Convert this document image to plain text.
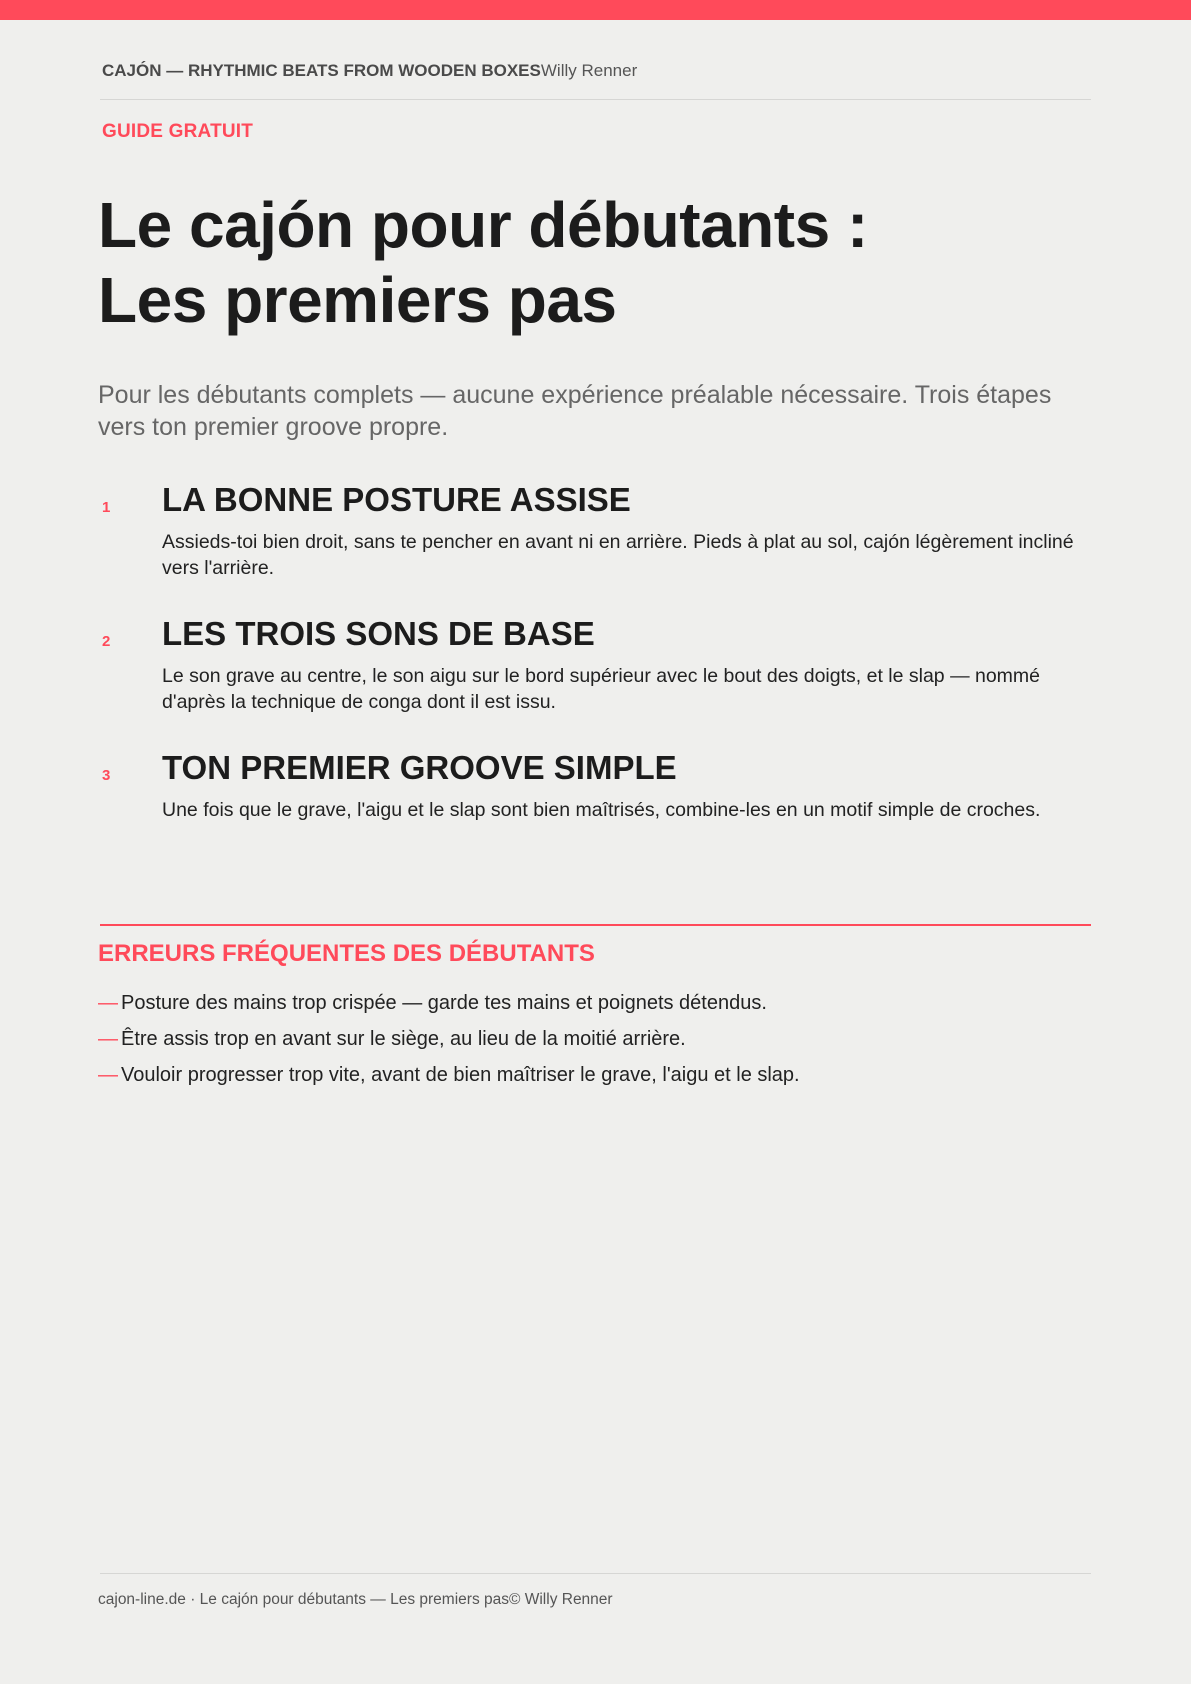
CAJÓN — RHYTHMIC BEATS FROM WOODEN BOXESWilly Renner
GUIDE GRATUIT
Le cajón pour débutants :
Les premiers pas

Pour les débutants complets — aucune expérience préalable nécessaire. Trois étapes vers ton premier groove propre.

1 LA BONNE POSTURE ASSISE

Assieds-toi bien droit, sans te pencher en avant ni en arrière. Pieds à plat au sol, cajón légèrement incliné vers l'arrière.

2 LES TROIS SONS DE BASE

Le son grave au centre, le son aigu sur le bord supérieur avec le bout des doigts, et le slap — nommé d'après la technique de conga dont il est issu.

3 TON PREMIER GROOVE SIMPLE

Une fois que le grave, l'aigu et le slap sont bien maîtrisés, combine-les en un motif simple de croches.

ERREURS FRÉQUENTES DES DÉBUTANTS
— Posture des mains trop crispée — garde tes mains et poignets détendus.
— Être assis trop en avant sur le siège, au lieu de la moitié arrière.
— Vouloir progresser trop vite, avant de bien maîtriser le grave, l'aigu et le slap.
cajon-line.de · Le cajón pour débutants — Les premiers pas© Willy Renner
